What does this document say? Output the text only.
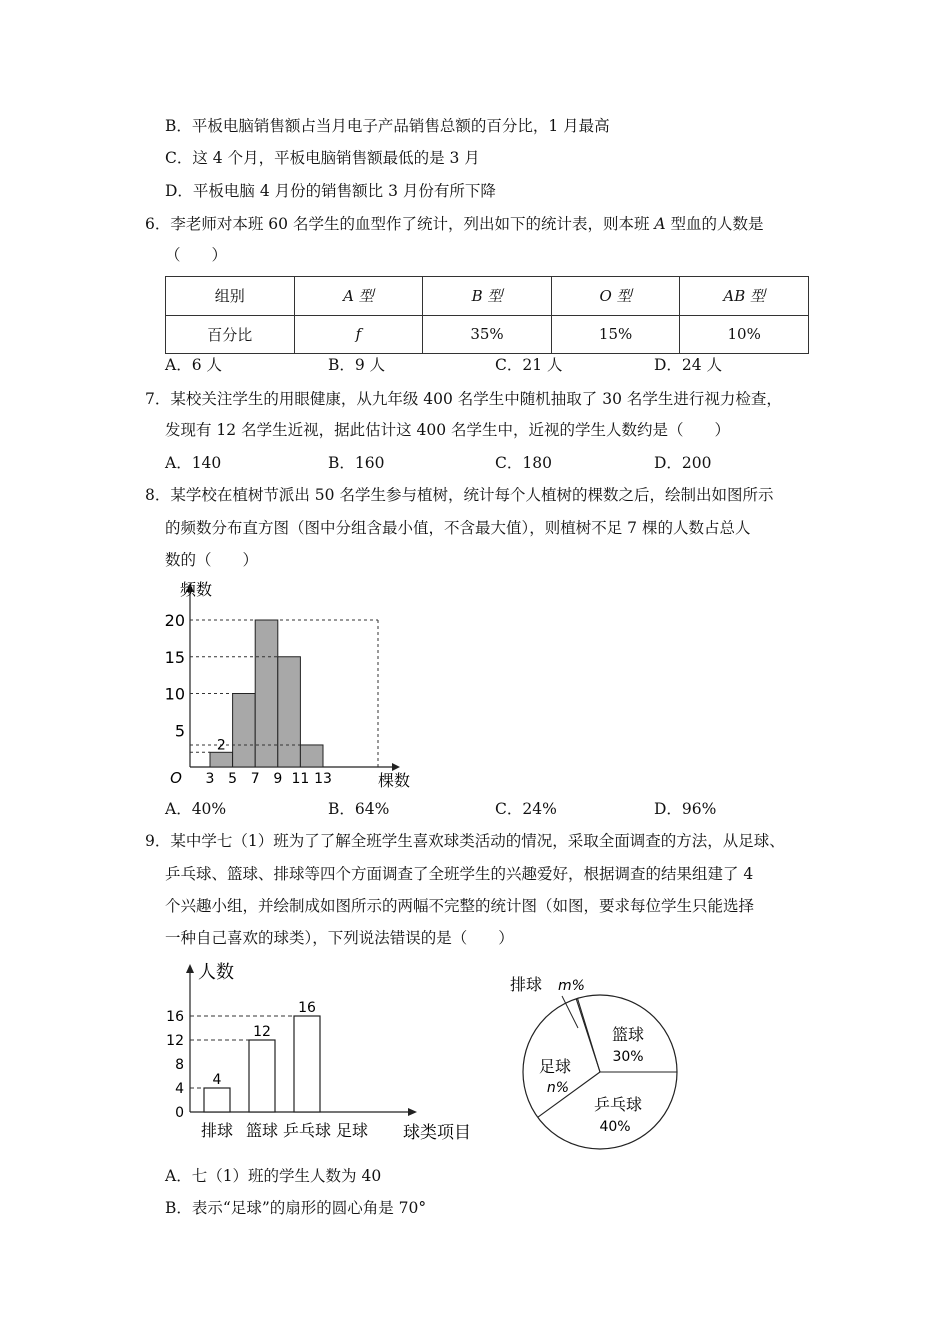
B．平板电脑销售额占当月电子产品销售总额的百分比，1 月最高
C．这 4 个月，平板电脑销售额最低的是 3 月
D．平板电脑 4 月份的销售额比 3 月份有所下降
6．李老师对本班 60 名学生的血型作了统计，列出如下的统计表，则本班 A 型血的人数是
（　　）
组别	A 型	B 型	O 型	AB 型
百分比	f	35%	15%	10%
A．6 人	B．9 人	C．21 人	D．24 人
7．某校关注学生的用眼健康，从九年级 400 名学生中随机抽取了 30 名学生进行视力检查，
发现有 12 名学生近视，据此估计这 400 名学生中，近视的学生人数约是（　　）
A．140	B．160	C．180	D．200
8．某学校在植树节派出 50 名学生参与植树，统计每个人植树的棵数之后，绘制出如图所示
的频数分布直方图（图中分组含最小值，不含最大值），则植树不足 7 棵的人数占总人
数的（　　）
5
10
15
20
2
3 5 7 9 11 13
O
频数
棵数
A．40%	B．64%	C．24%	D．96%
9．某中学七（1）班为了了解全班学生喜欢球类活动的情况，采取全面调查的方法，从足球、
乒乓球、篮球、排球等四个方面调查了全班学生的兴趣爱好，根据调查的结果组建了 4
个兴趣小组，并绘制成如图所示的两幅不完整的统计图（如图，要求每位学生只能选择
一种自己喜欢的球类），下列说法错误的是（　　）
0
4
8
12
16
4
排球
12
篮球
16
乒乓球 足球
人数
球类项目
篮球
30%
乒乓球
40%
足球
n%
排球 m%
A．七（1）班的学生人数为 40
B．表示“足球”的扇形的圆心角是 70°
